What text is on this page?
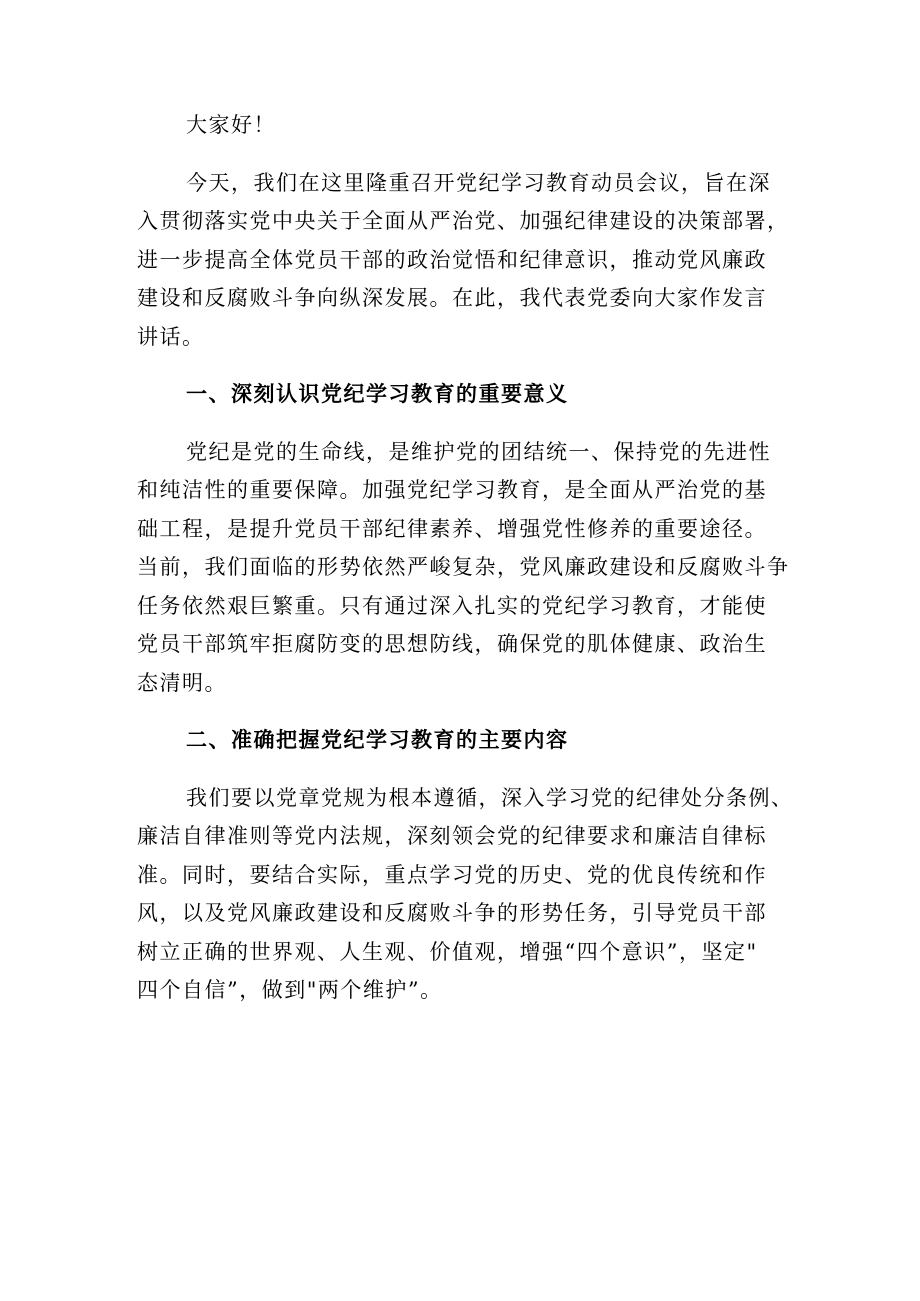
大家好！
今天，我们在这里隆重召开党纪学习教育动员会议，旨在深
入贯彻落实党中央关于全面从严治党、加强纪律建设的决策部署，
进一步提高全体党员干部的政治觉悟和纪律意识，推动党风廉政
建设和反腐败斗争向纵深发展。在此，我代表党委向大家作发言
讲话。
一、深刻认识党纪学习教育的重要意义
党纪是党的生命线，是维护党的团结统一、保持党的先进性
和纯洁性的重要保障。加强党纪学习教育，是全面从严治党的基
础工程，是提升党员干部纪律素养、增强党性修养的重要途径。
当前，我们面临的形势依然严峻复杂，党风廉政建设和反腐败斗争
任务依然艰巨繁重。只有通过深入扎实的党纪学习教育，才能使
党员干部筑牢拒腐防变的思想防线，确保党的肌体健康、政治生
态清明。
二、准确把握党纪学习教育的主要内容
我们要以党章党规为根本遵循，深入学习党的纪律处分条例、
廉洁自律准则等党内法规，深刻领会党的纪律要求和廉洁自律标
准。同时，要结合实际，重点学习党的历史、党的优良传统和作
风，以及党风廉政建设和反腐败斗争的形势任务，引导党员干部
树立正确的世界观、人生观、价值观，增强“四个意识”，坚定"
四个自信”，做到"两个维护”。
